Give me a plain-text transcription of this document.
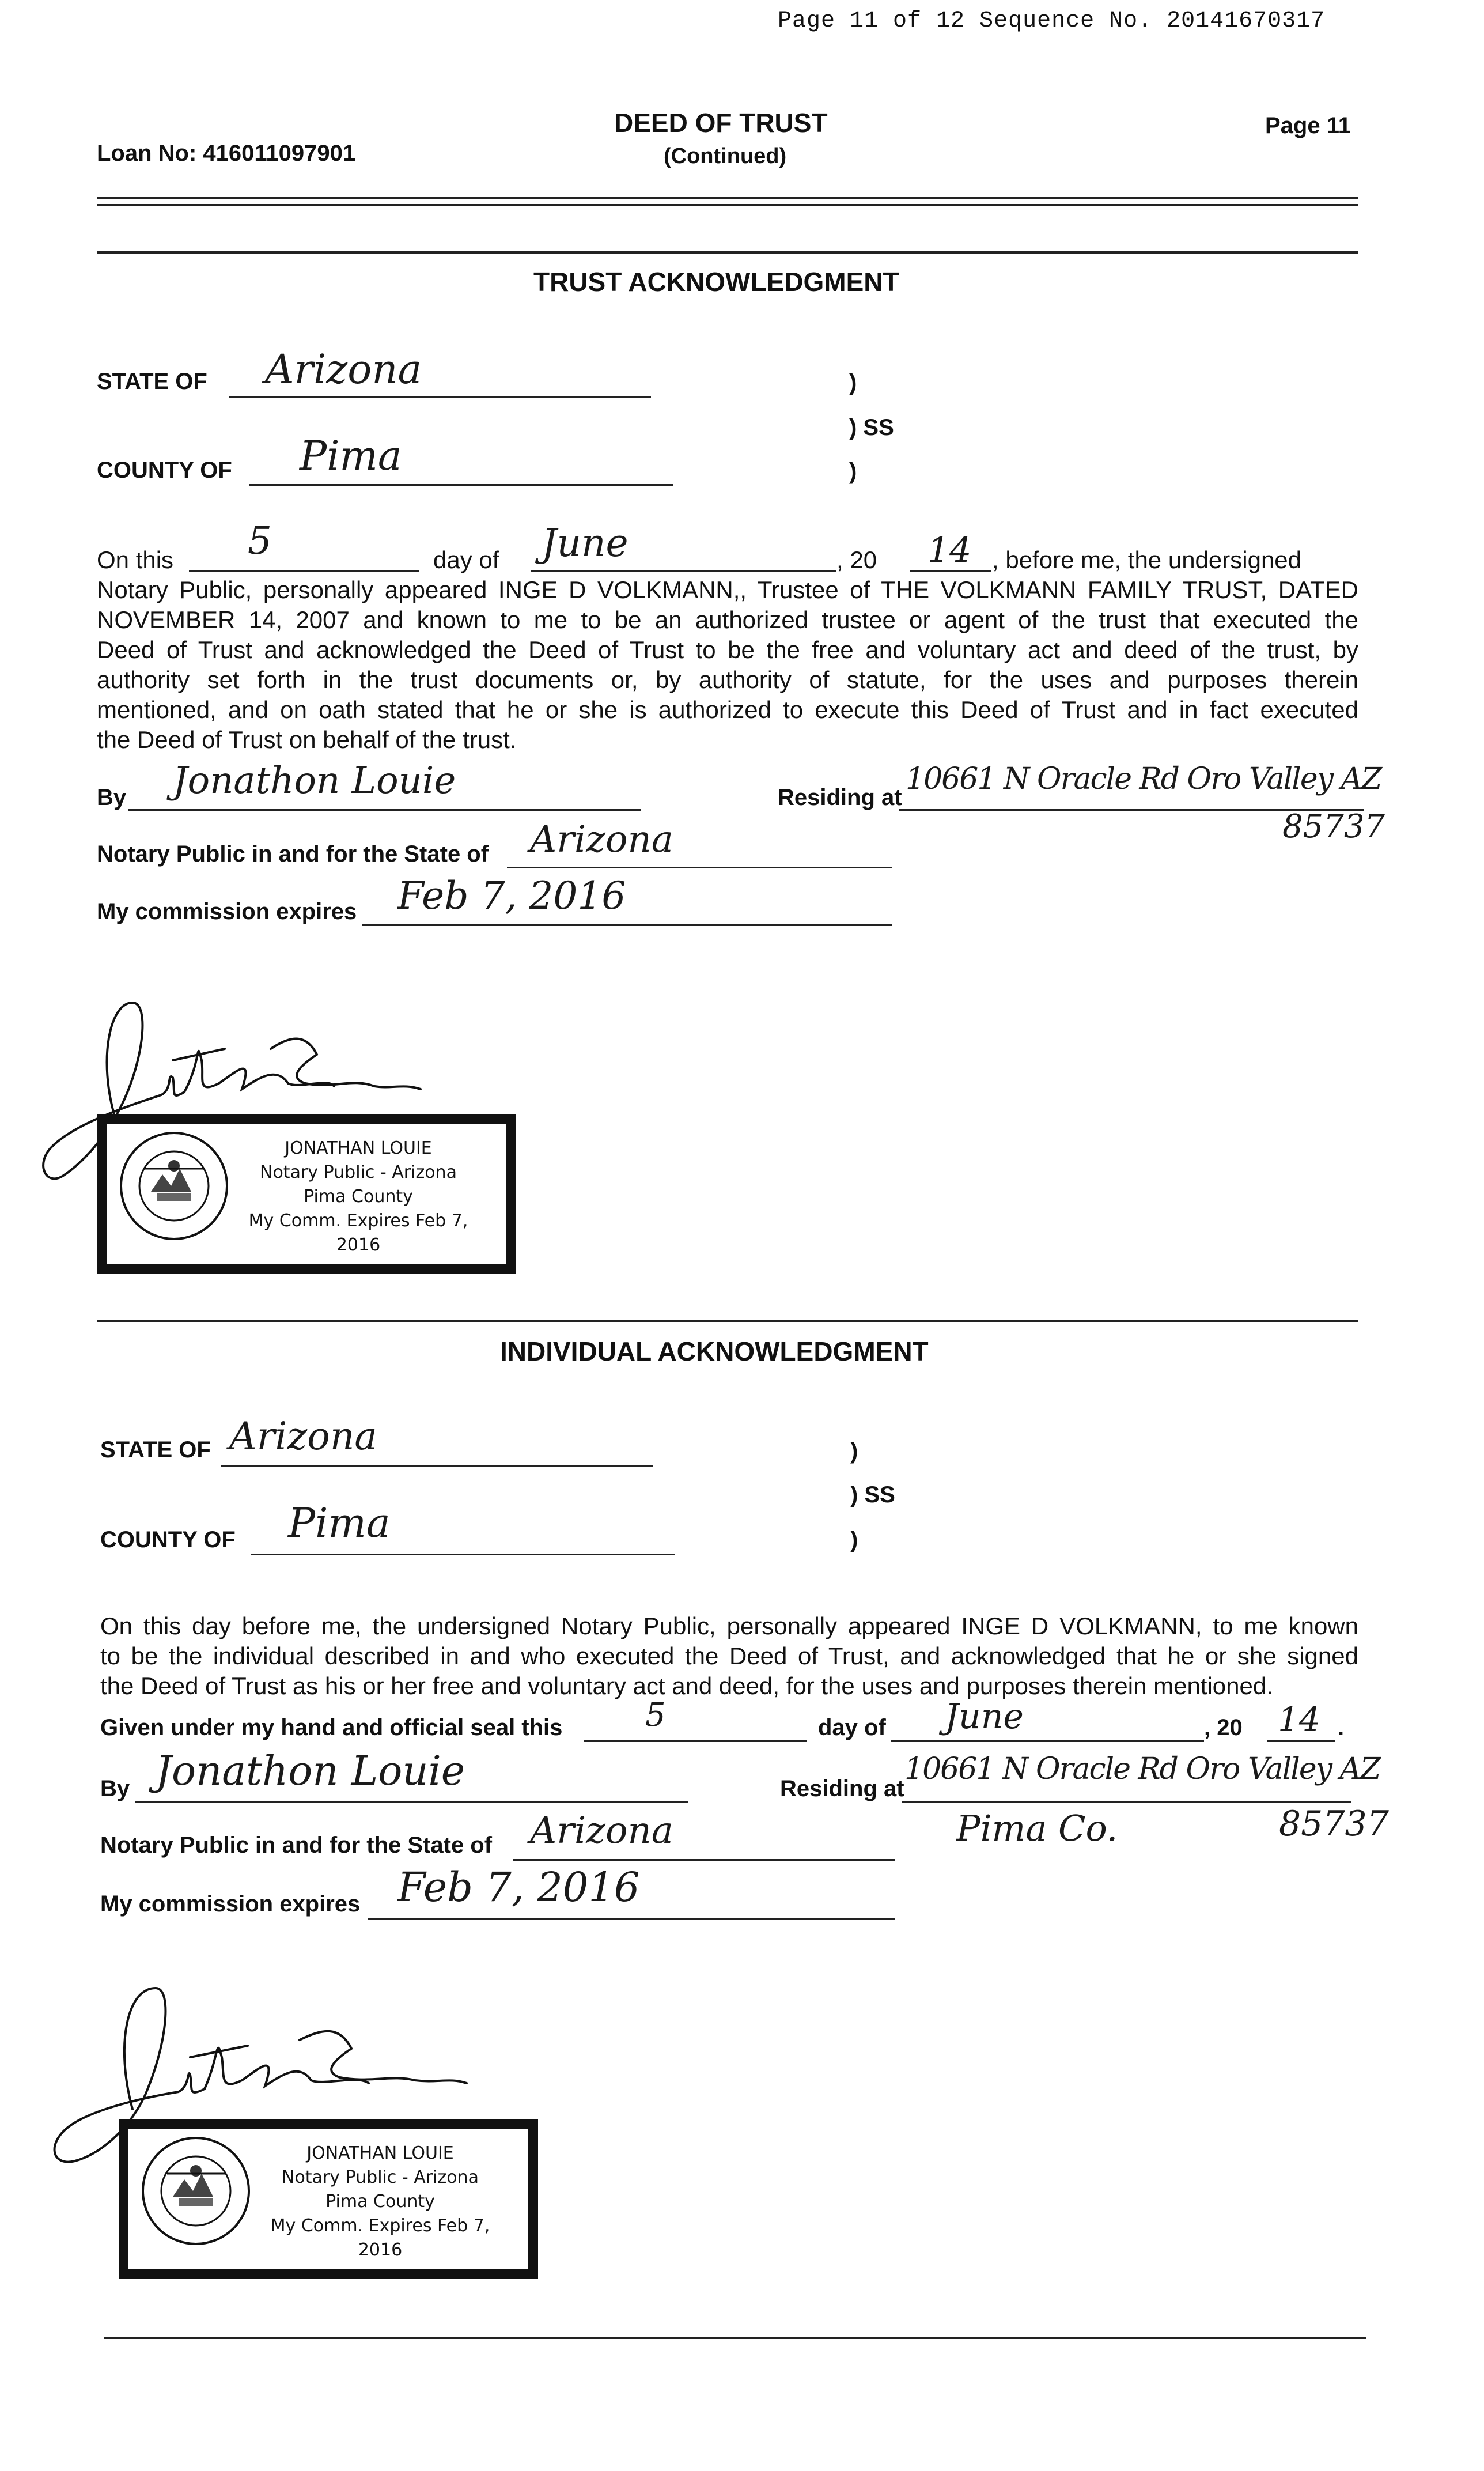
Page 11 of 12 Sequence No. 20141670317
DEED OF TRUST
(Continued)
Loan No: 416011097901
Page 11
TRUST ACKNOWLEDGMENT
STATE OF Arizona	)
) SS
COUNTY OF Pima	)
On this 5	day of June	, 20 14 , before me, the undersigned
Notary Public, personally appeared INGE D VOLKMANN,, Trustee of THE VOLKMANN FAMILY TRUST, DATED
NOVEMBER 14, 2007 and known to me to be an authorized trustee or agent of the trust that executed the
Deed of Trust and acknowledged the Deed of Trust to be the free and voluntary act and deed of the trust, by
authority set forth in the trust documents or, by authority of statute, for the uses and purposes therein
mentioned, and on oath stated that he or she is authorized to execute this Deed of Trust and in fact executed
the Deed of Trust on behalf of the trust.
By Jonathon Louie	Residing at
10661 N Oracle Rd Oro Valley AZ
85737
Notary Public in and for the State of Arizona
My commission expires Feb 7, 2016
JONATHAN LOUIE
Notary Public - Arizona
Pima County
My Comm. Expires Feb 7, 2016
INDIVIDUAL ACKNOWLEDGMENT
STATE OF Arizona	)
) SS
COUNTY OF Pima	)
On this day before me, the undersigned Notary Public, personally appeared INGE D VOLKMANN, to me known
to be the individual described in and who executed the Deed of Trust, and acknowledged that he or she signed
the Deed of Trust as his or her free and voluntary act and deed, for the uses and purposes therein mentioned.
Given under my hand and official seal this	5	day of June	, 20 14 .
By Jonathon Louie	Residing at
10661 N Oracle Rd Oro Valley AZ
Pima Co.	85737
Notary Public in and for the State of Arizona
My commission expires Feb 7, 2016
JONATHAN LOUIE
Notary Public - Arizona
Pima County
My Comm. Expires Feb 7, 2016
